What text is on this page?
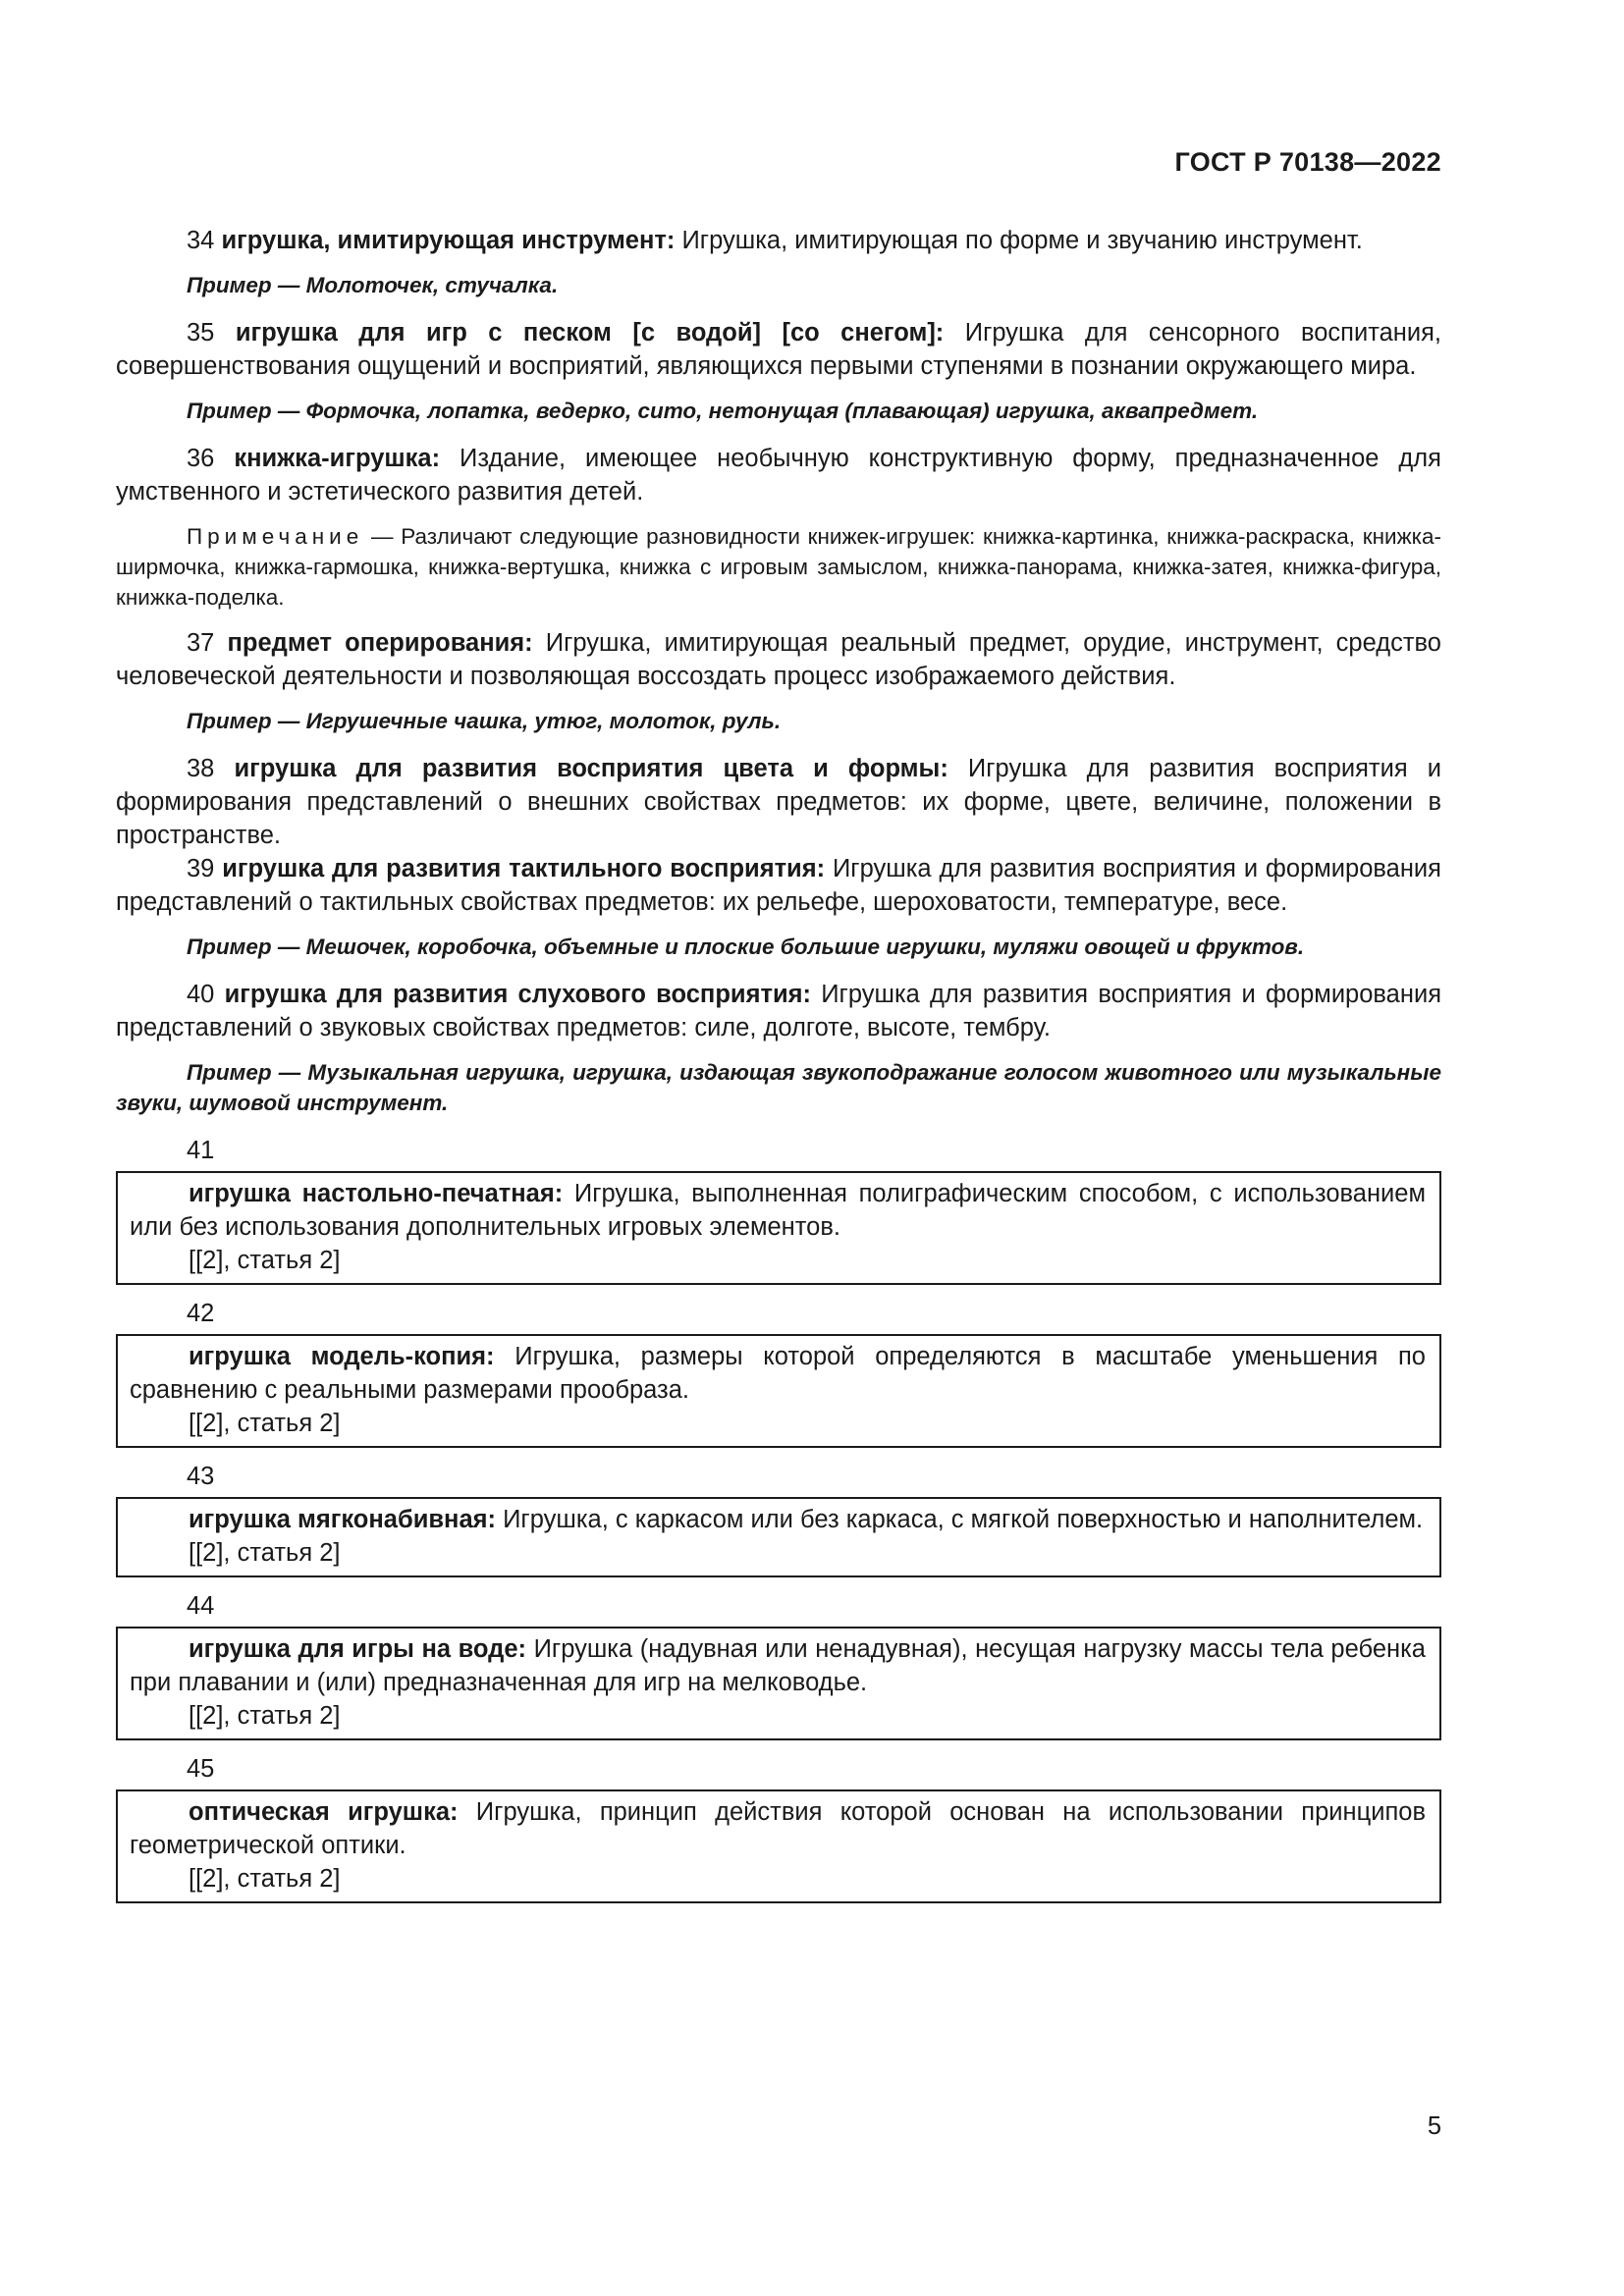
ГОСТ Р 70138—2022

34 игрушка, имитирующая инструмент: Игрушка, имитирующая по форме и звучанию инструмент.

Пример — Молоточек, стучалка.

35 игрушка для игр с песком [с водой] [со снегом]: Игрушка для сенсорного воспитания, совершенствования ощущений и восприятий, являющихся первыми ступенями в познании окружающего мира.

Пример — Формочка, лопатка, ведерко, сито, нетонущая (плавающая) игрушка, аквапредмет.

36 книжка-игрушка: Издание, имеющее необычную конструктивную форму, предназначенное для умственного и эстетического развития детей.

Примечание — Различают следующие разновидности книжек-игрушек: книжка-картинка, книжка-раскраска, книжка-ширмочка, книжка-гармошка, книжка-вертушка, книжка с игровым замыслом, книжка-панорама, книжка-затея, книжка-фигура, книжка-поделка.

37 предмет оперирования: Игрушка, имитирующая реальный предмет, орудие, инструмент, средство человеческой деятельности и позволяющая воссоздать процесс изображаемого действия.

Пример — Игрушечные чашка, утюг, молоток, руль.

38 игрушка для развития восприятия цвета и формы: Игрушка для развития восприятия и формирования представлений о внешних свойствах предметов: их форме, цвете, величине, положении в пространстве.

39 игрушка для развития тактильного восприятия: Игрушка для развития восприятия и формирования представлений о тактильных свойствах предметов: их рельефе, шероховатости, температуре, весе.

Пример — Мешочек, коробочка, объемные и плоские большие игрушки, муляжи овощей и фруктов.

40 игрушка для развития слухового восприятия: Игрушка для развития восприятия и формирования представлений о звуковых свойствах предметов: силе, долготе, высоте, тембру.

Пример — Музыкальная игрушка, игрушка, издающая звукоподражание голосом животного или музыкальные звуки, шумовой инструмент.

41
игрушка настольно-печатная: Игрушка, выполненная полиграфическим способом, с использованием или без использования дополнительных игровых элементов.
[[2], статья 2]
42
игрушка модель-копия: Игрушка, размеры которой определяются в масштабе уменьшения по сравнению с реальными размерами прообраза.
[[2], статья 2]
43
игрушка мягконабивная: Игрушка, с каркасом или без каркаса, с мягкой поверхностью и наполнителем.
[[2], статья 2]
44
игрушка для игры на воде: Игрушка (надувная или ненадувная), несущая нагрузку массы тела ребенка при плавании и (или) предназначенная для игр на мелководье.
[[2], статья 2]
45
оптическая игрушка: Игрушка, принцип действия которой основан на использовании принципов геометрической оптики.
[[2], статья 2]
5
